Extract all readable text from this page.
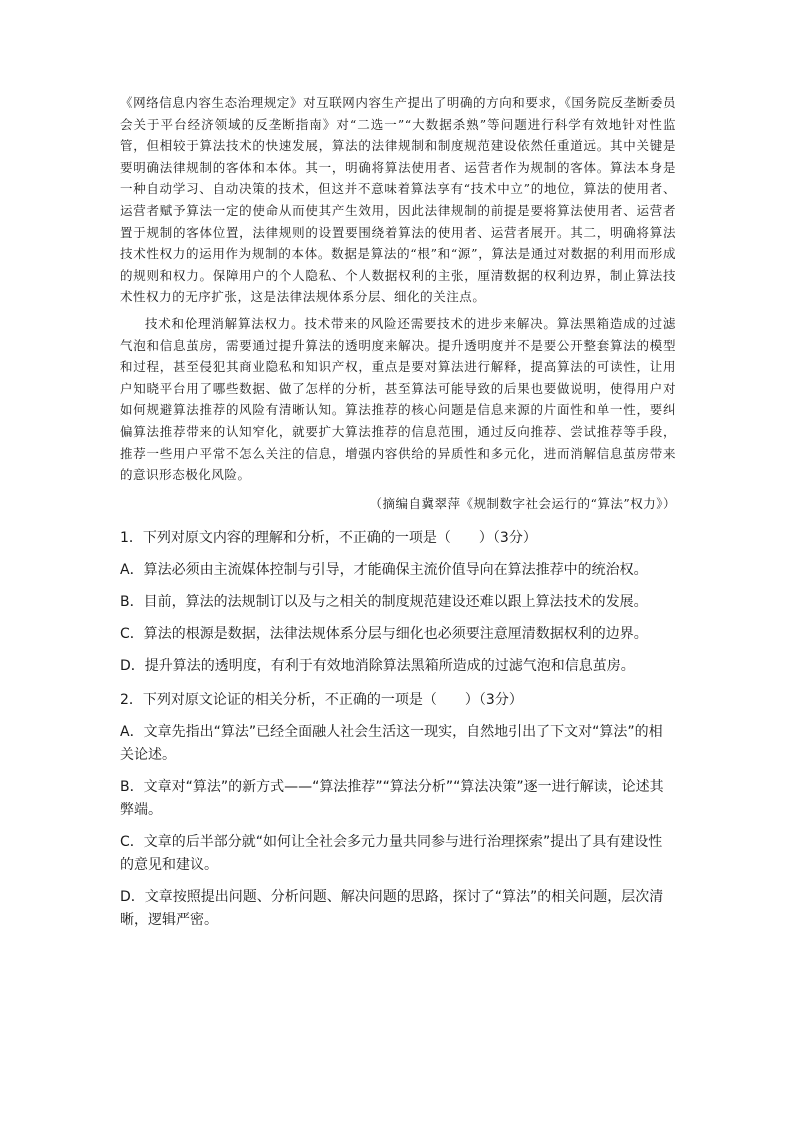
《网络信息内容生态治理规定》对互联网内容生产提出了明确的方向和要求，《国务院反垄断委员会关于平台经济领域的反垄断指南》对“二选一”“大数据杀熟”等问题进行科学有效地针对性监管，但相较于算法技术的快速发展，算法的法律规制和制度规范建设依然任重道远。其中关键是要明确法律规制的客体和本体。其一，明确将算法使用者、运营者作为规制的客体。算法本身是一种自动学习、自动决策的技术，但这并不意味着算法享有“技术中立”的地位，算法的使用者、运营者赋予算法一定的使命从而使其产生效用，因此法律规制的前提是要将算法使用者、运营者置于规制的客体位置，法律规则的设置要围绕着算法的使用者、运营者展开。其二，明确将算法技术性权力的运用作为规制的本体。数据是算法的“根”和“源”，算法是通过对数据的利用而形成的规则和权力。保障用户的个人隐私、个人数据权利的主张，厘清数据的权利边界，制止算法技术性权力的无序扩张，这是法律法规体系分层、细化的关注点。

技术和伦理消解算法权力。技术带来的风险还需要技术的进步来解决。算法黑箱造成的过滤气泡和信息茧房，需要通过提升算法的透明度来解决。提升透明度并不是要公开整套算法的模型和过程，甚至侵犯其商业隐私和知识产权，重点是要对算法进行解释，提高算法的可读性，让用户知晓平台用了哪些数据、做了怎样的分析，甚至算法可能导致的后果也要做说明，使得用户对如何规避算法推荐的风险有清晰认知。算法推荐的核心问题是信息来源的片面性和单一性，要纠偏算法推荐带来的认知窄化，就要扩大算法推荐的信息范围，通过反向推荐、尝试推荐等手段，推荐一些用户平常不怎么关注的信息，增强内容供给的异质性和多元化，进而消解信息茧房带来的意识形态极化风险。

（摘编自冀翠萍《规制数字社会运行的“算法”权力》）
1．下列对原文内容的理解和分析，不正确的一项是（　　）（3分）
A．算法必须由主流媒体控制与引导，才能确保主流价值导向在算法推荐中的统治权。
B．目前，算法的法规制订以及与之相关的制度规范建设还难以跟上算法技术的发展。
C．算法的根源是数据，法律法规体系分层与细化也必须要注意厘清数据权利的边界。
D．提升算法的透明度，有利于有效地消除算法黑箱所造成的过滤气泡和信息茧房。
2．下列对原文论证的相关分析，不正确的一项是（　　）（3分）
A．文章先指出“算法”已经全面融人社会生活这一现实，自然地引出了下文对“算法”的相关论述。
B．文章对“算法”的新方式——“算法推荐”“算法分析”“算法决策”逐一进行解读，论述其弊端。
C．文章的后半部分就“如何让全社会多元力量共同参与进行治理探索”提出了具有建设性的意见和建议。
D．文章按照提出问题、分析问题、解决问题的思路，探讨了“算法”的相关问题，层次清晰，逻辑严密。
